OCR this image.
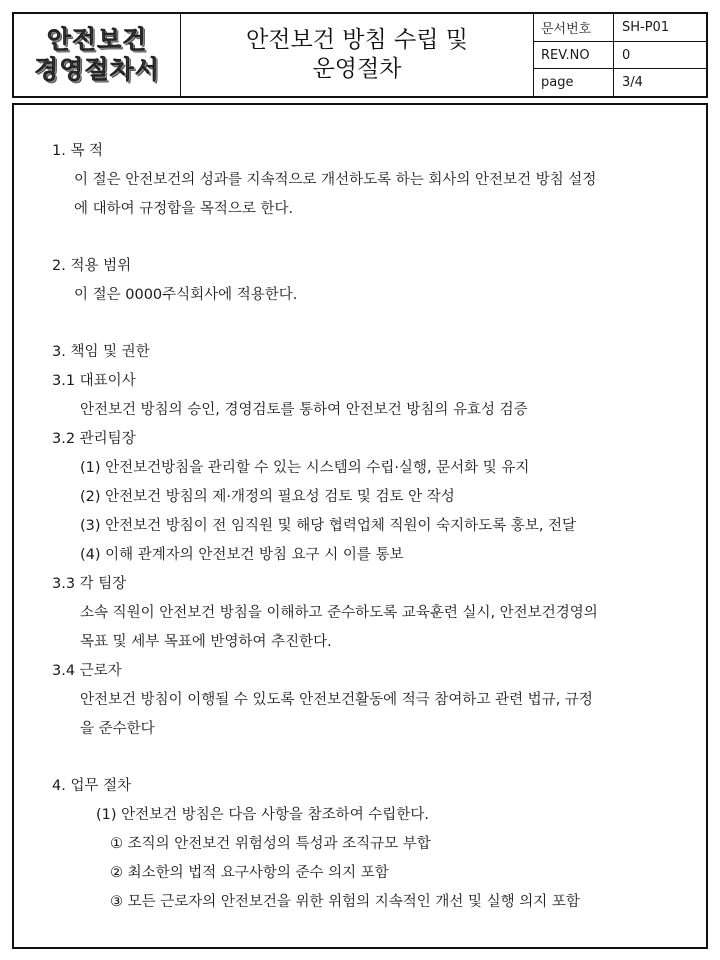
안전보건
경영절차서
안전보건 방침 수립 및
운영절차
문서번호	SH-P01
REV.NO	0
page	3/4
1. 목 적
이 절은 안전보건의 성과를 지속적으로 개선하도록 하는 회사의 안전보건 방침 설정
에 대하여 규정함을 목적으로 한다.
2. 적용 범위
이 절은 0000주식회사에 적용한다.
3. 책임 및 권한
3.1 대표이사
안전보건 방침의 승인, 경영검토를 통하여 안전보건 방침의 유효성 검증
3.2 관리팀장
(1) 안전보건방침을 관리할 수 있는 시스템의 수립·실행, 문서화 및 유지
(2) 안전보건 방침의 제·개정의 필요성 검토 및 검토 안 작성
(3) 안전보건 방침이 전 임직원 및 해당 협력업체 직원이 숙지하도록 홍보, 전달
(4) 이해 관계자의 안전보건 방침 요구 시 이를 통보
3.3 각 팀장
소속 직원이 안전보건 방침을 이해하고 준수하도록 교육훈련 실시, 안전보건경영의
목표 및 세부 목표에 반영하여 추진한다.
3.4 근로자
안전보건 방침이 이행될 수 있도록 안전보건활동에 적극 참여하고 관련 법규, 규정
을 준수한다
4. 업무 절차
(1) 안전보건 방침은 다음 사항을 참조하여 수립한다.
① 조직의 안전보건 위험성의 특성과 조직규모 부합
② 최소한의 법적 요구사항의 준수 의지 포함
③ 모든 근로자의 안전보건을 위한 위험의 지속적인 개선 및 실행 의지 포함
